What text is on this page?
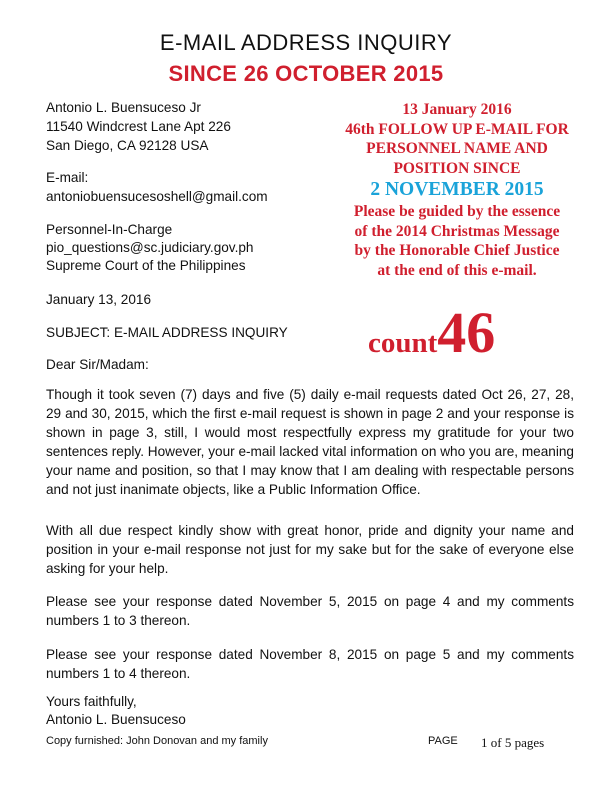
E-MAIL ADDRESS INQUIRY
SINCE 26 OCTOBER 2015
Antonio L. Buensuceso Jr
11540 Windcrest Lane Apt 226
San Diego, CA 92128 USA
E-mail:
antoniobuensucesoshell@gmail.com
Personnel-In-Charge
pio_questions@sc.judiciary.gov.ph
Supreme Court of the Philippines
January 13, 2016
SUBJECT: E-MAIL ADDRESS INQUIRY
Dear Sir/Madam:
13 January 2016
46th FOLLOW UP E-MAIL FOR
PERSONNEL NAME AND
POSITION SINCE
2 NOVEMBER 2015
Please be guided by the essence
of the 2014 Christmas Message
by the Honorable Chief Justice
at the end of this e-mail.
count46
Though it took seven (7) days and five (5) daily e-mail requests dated Oct 26, 27, 28, 29 and 30, 2015, which the first e-mail request is shown in page 2 and your response is shown in page 3, still, I would most respectfully express my gratitude for your two sentences reply. However, your e-mail lacked vital information on who you are, meaning your name and position, so that I may know that I am dealing with respectable persons and not just inanimate objects, like a Public Information Office.
With all due respect kindly show with great honor, pride and dignity your name and position in your e-mail response not just for my sake but for the sake of everyone else asking for your help.
Please see your response dated November 5, 2015 on page 4 and my comments numbers 1 to 3 thereon.
Please see your response dated November 8, 2015 on page 5 and my comments numbers 1 to 4 thereon.
Yours faithfully,
Antonio L. Buensuceso
Copy furnished: John Donovan and my family	PAGE 1 of 5 pages
